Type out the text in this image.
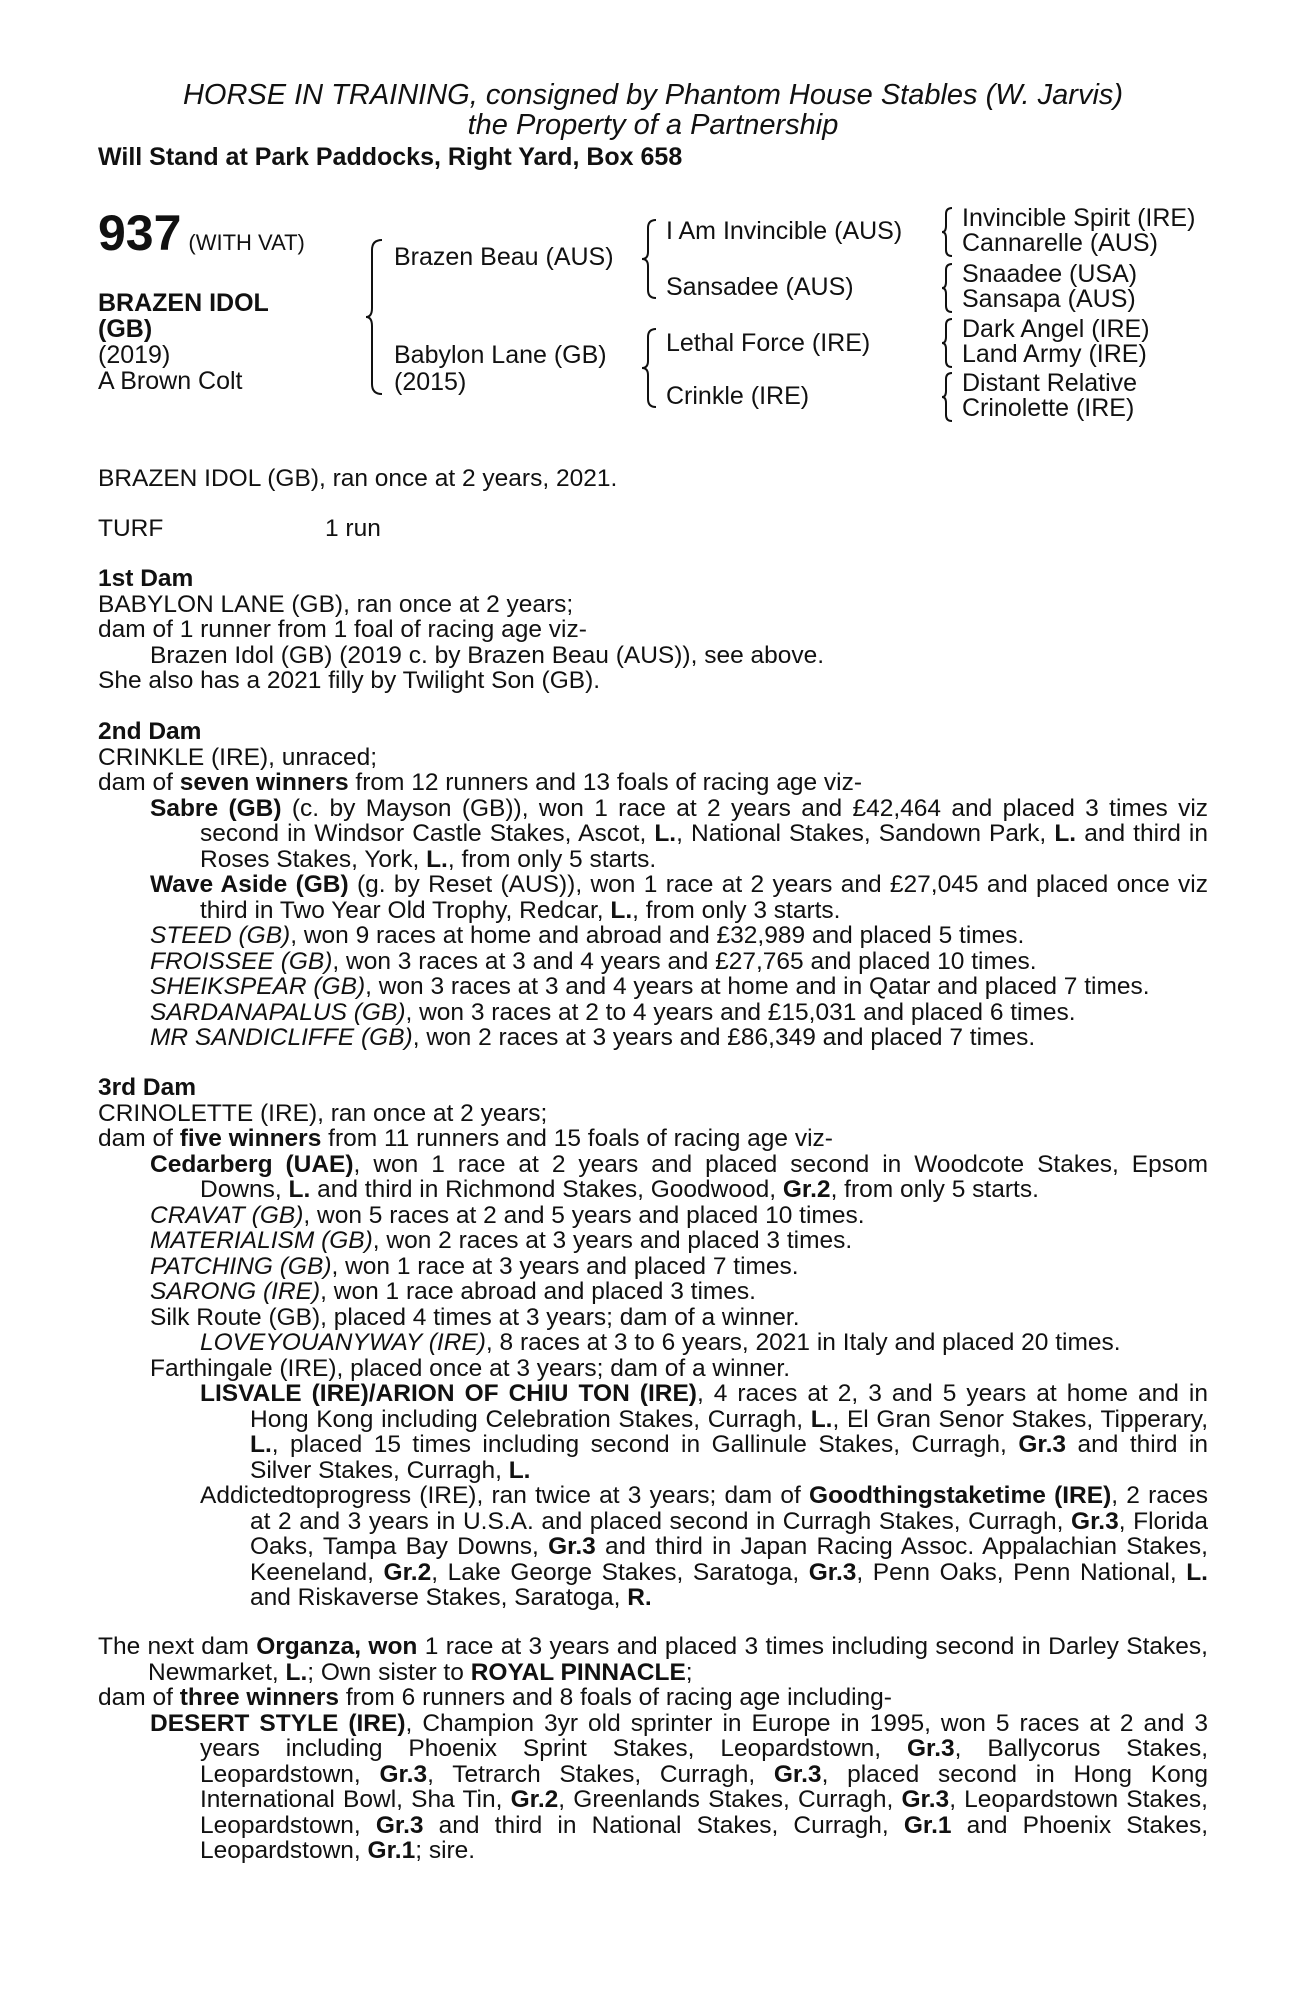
HORSE IN TRAINING, consigned by Phantom House Stables (W. Jarvis)
the Property of a Partnership
Will Stand at Park Paddocks, Right Yard, Box 658
937 (WITH VAT)
BRAZEN IDOL
(GB)
(2019)
A Brown Colt
Brazen Beau (AUS)
Babylon Lane (GB)
(2015)
I Am Invincible (AUS)
Sansadee (AUS)
Lethal Force (IRE)
Crinkle (IRE)
Invincible Spirit (IRE)
Cannarelle (AUS)
Snaadee (USA)
Sansapa (AUS)
Dark Angel (IRE)
Land Army (IRE)
Distant Relative
Crinolette (IRE)
BRAZEN IDOL (GB), ran once at 2 years, 2021.
TURF	1 run
1st Dam
BABYLON LANE (GB), ran once at 2 years;
dam of 1 runner from 1 foal of racing age viz-
Brazen Idol (GB) (2019 c. by Brazen Beau (AUS)), see above.
She also has a 2021 filly by Twilight Son (GB).
2nd Dam
CRINKLE (IRE), unraced;
dam of seven winners from 12 runners and 13 foals of racing age viz-
Sabre (GB) (c. by Mayson (GB)), won 1 race at 2 years and £42,464 and placed 3 times viz second in Windsor Castle Stakes, Ascot, L., National Stakes, Sandown Park, L. and third in Roses Stakes, York, L., from only 5 starts.
Wave Aside (GB) (g. by Reset (AUS)), won 1 race at 2 years and £27,045 and placed once viz third in Two Year Old Trophy, Redcar, L., from only 3 starts.
STEED (GB), won 9 races at home and abroad and £32,989 and placed 5 times.
FROISSEE (GB), won 3 races at 3 and 4 years and £27,765 and placed 10 times.
SHEIKSPEAR (GB), won 3 races at 3 and 4 years at home and in Qatar and placed 7 times.
SARDANAPALUS (GB), won 3 races at 2 to 4 years and £15,031 and placed 6 times.
MR SANDICLIFFE (GB), won 2 races at 3 years and £86,349 and placed 7 times.
3rd Dam
CRINOLETTE (IRE), ran once at 2 years;
dam of five winners from 11 runners and 15 foals of racing age viz-
Cedarberg (UAE), won 1 race at 2 years and placed second in Woodcote Stakes, Epsom Downs, L. and third in Richmond Stakes, Goodwood, Gr.2, from only 5 starts.
CRAVAT (GB), won 5 races at 2 and 5 years and placed 10 times.
MATERIALISM (GB), won 2 races at 3 years and placed 3 times.
PATCHING (GB), won 1 race at 3 years and placed 7 times.
SARONG (IRE), won 1 race abroad and placed 3 times.
Silk Route (GB), placed 4 times at 3 years; dam of a winner.
LOVEYOUANYWAY (IRE), 8 races at 3 to 6 years, 2021 in Italy and placed 20 times.
Farthingale (IRE), placed once at 3 years; dam of a winner.
LISVALE (IRE)/ARION OF CHIU TON (IRE), 4 races at 2, 3 and 5 years at home and in Hong Kong including Celebration Stakes, Curragh, L., El Gran Senor Stakes, Tipperary, L., placed 15 times including second in Gallinule Stakes, Curragh, Gr.3 and third in Silver Stakes, Curragh, L.
Addictedtoprogress (IRE), ran twice at 3 years; dam of Goodthingstaketime (IRE), 2 races at 2 and 3 years in U.S.A. and placed second in Curragh Stakes, Curragh, Gr.3, Florida Oaks, Tampa Bay Downs, Gr.3 and third in Japan Racing Assoc. Appalachian Stakes, Keeneland, Gr.2, Lake George Stakes, Saratoga, Gr.3, Penn Oaks, Penn National, L. and Riskaverse Stakes, Saratoga, R.
The next dam Organza, won 1 race at 3 years and placed 3 times including second in Darley Stakes, Newmarket, L.; Own sister to ROYAL PINNACLE;
dam of three winners from 6 runners and 8 foals of racing age including-
DESERT STYLE (IRE), Champion 3yr old sprinter in Europe in 1995, won 5 races at 2 and 3 years including Phoenix Sprint Stakes, Leopardstown, Gr.3, Ballycorus Stakes, Leopardstown, Gr.3, Tetrarch Stakes, Curragh, Gr.3, placed second in Hong Kong International Bowl, Sha Tin, Gr.2, Greenlands Stakes, Curragh, Gr.3, Leopardstown Stakes, Leopardstown, Gr.3 and third in National Stakes, Curragh, Gr.1 and Phoenix Stakes, Leopardstown, Gr.1; sire.
